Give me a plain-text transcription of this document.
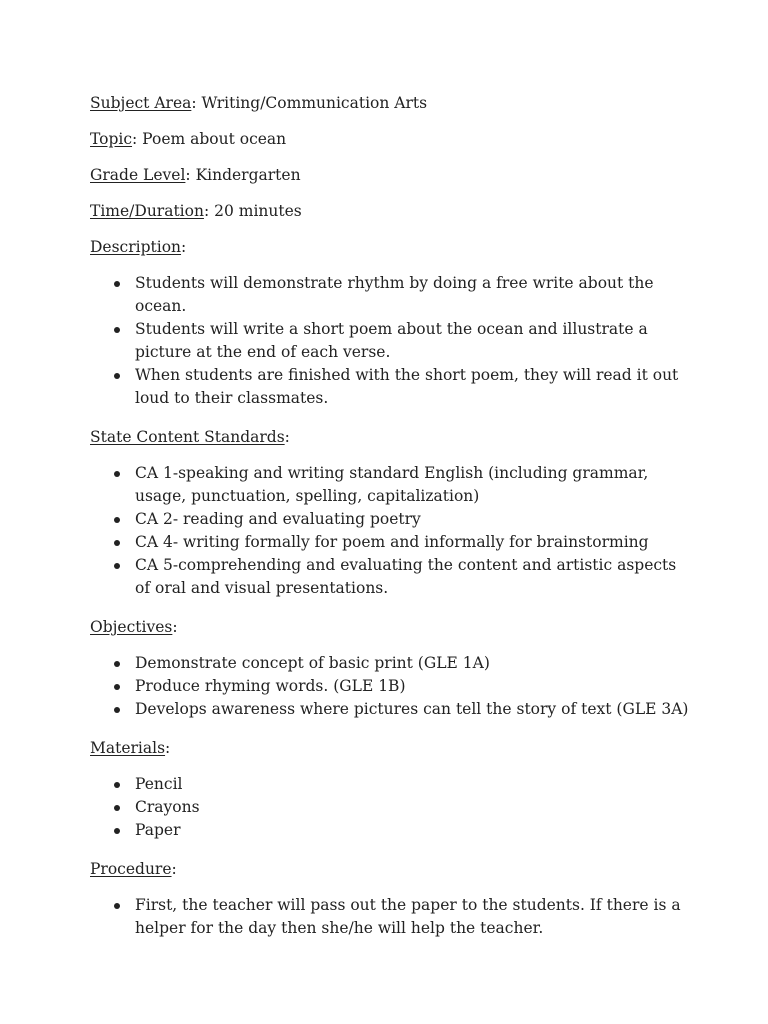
Subject Area: Writing/Communication Arts

Topic: Poem about ocean

Grade Level: Kindergarten

Time/Duration: 20 minutes

Description:

Students will demonstrate rhythm by doing a free write about the ocean.
Students will write a short poem about the ocean and illustrate a picture at the end of each verse.
When students are finished with the short poem, they will read it out loud to their classmates.

State Content Standards:

CA 1-speaking and writing standard English (including grammar, usage, punctuation, spelling, capitalization)
CA 2- reading and evaluating poetry
CA 4- writing formally for poem and informally for brainstorming
CA 5-comprehending and evaluating the content and artistic aspects of oral and visual presentations.

Objectives:

Demonstrate concept of basic print (GLE 1A)
Produce rhyming words. (GLE 1B)
Develops awareness where pictures can tell the story of text (GLE 3A)

Materials:

Pencil
Crayons
Paper

Procedure:

First, the teacher will pass out the paper to the students. If there is a helper for the day then she/he will help the teacher.
